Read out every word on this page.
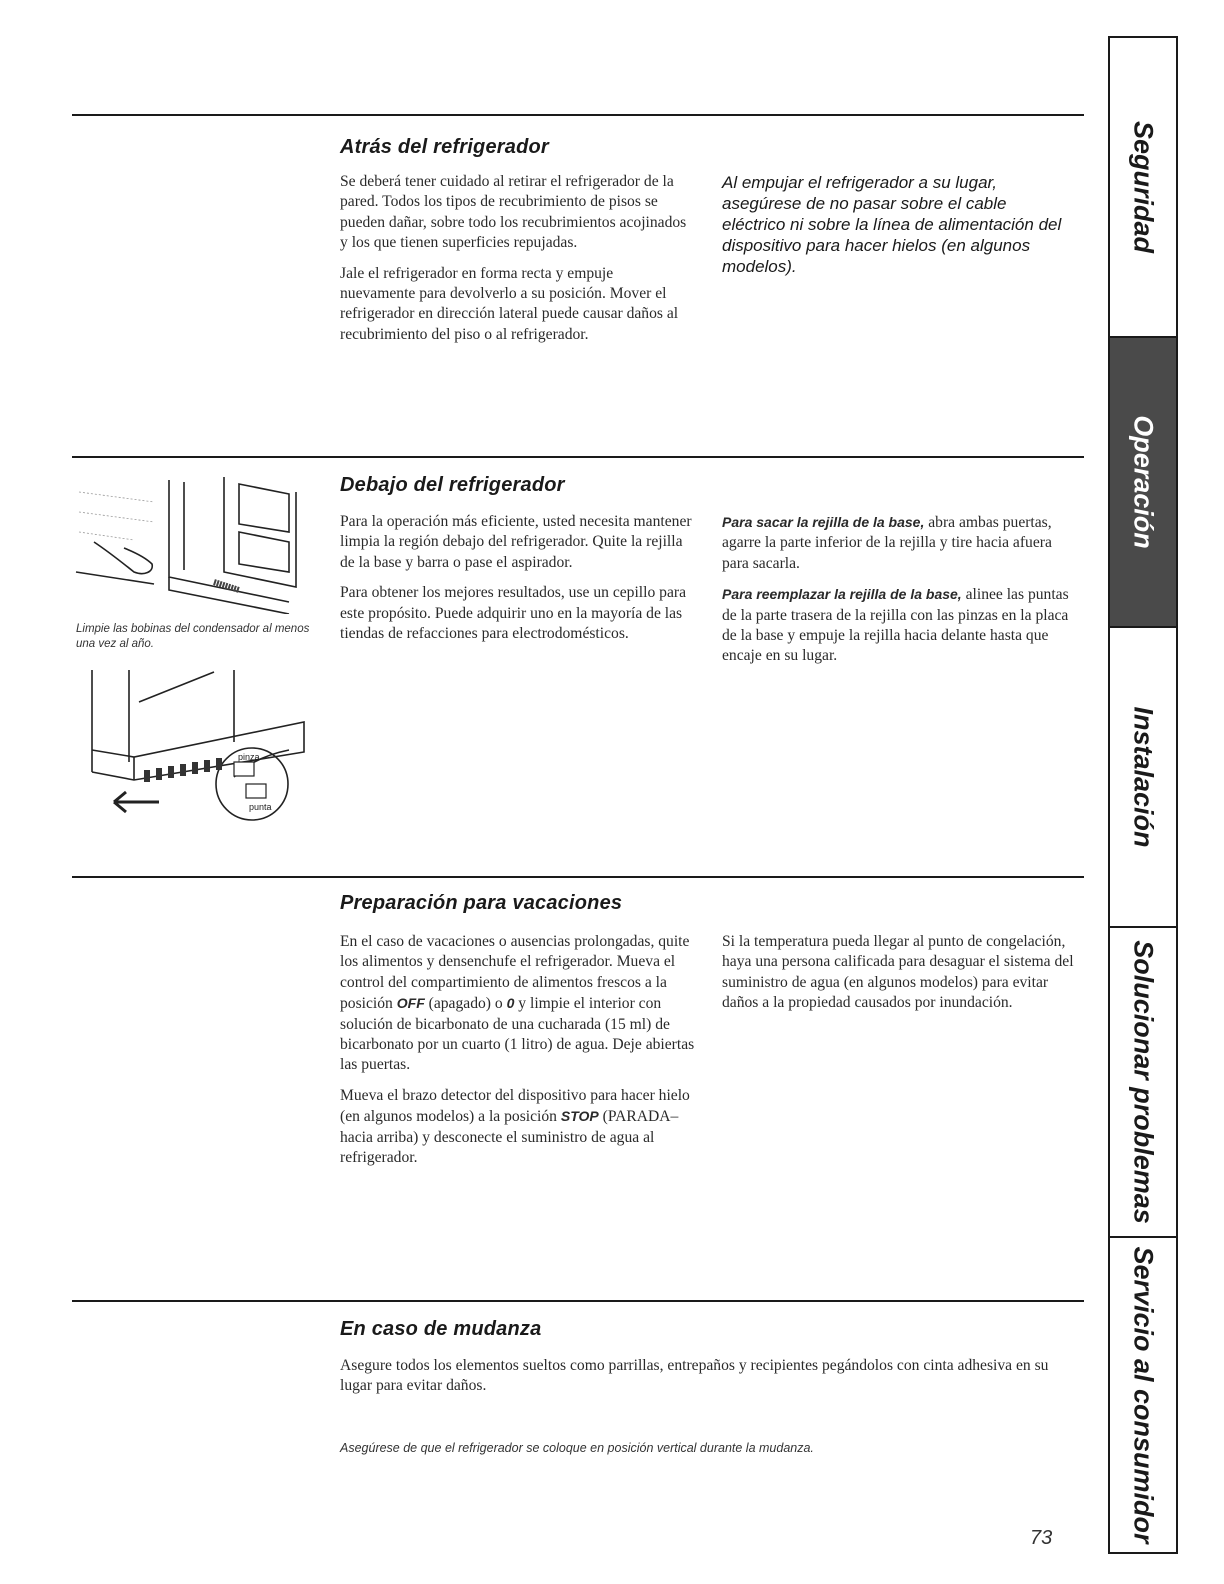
Atrás del refrigerador

Se deberá tener cuidado al retirar el refrigerador de la pared. Todos los tipos de recubrimiento de pisos se pueden dañar, sobre todo los recubrimientos acojinados y los que tienen superficies repujadas.

Jale el refrigerador en forma recta y empuje nuevamente para devolverlo a su posición. Mover el refrigerador en dirección lateral puede causar daños al recubrimiento del piso o al refrigerador.

Al empujar el refrigerador a su lugar, asegúrese de no pasar sobre el cable eléctrico ni sobre la línea de alimentación del dispositivo para hacer hielos (en algunos modelos).
Debajo del refrigerador
Limpie las bobinas del condensador al menos una vez al año.
pinza
punta

Para la operación más eficiente, usted necesita mantener limpia la región debajo del refrigerador. Quite la rejilla de la base y barra o pase el aspirador.

Para obtener los mejores resultados, use un cepillo para este propósito. Puede adquirir uno en la mayoría de las tiendas de refacciones para electrodomésticos.

Para sacar la rejilla de la base, abra ambas puertas, agarre la parte inferior de la rejilla y tire hacia afuera para sacarla.

Para reemplazar la rejilla de la base, alinee las puntas de la parte trasera de la rejilla con las pinzas en la placa de la base y empuje la rejilla hacia delante hasta que encaje en su lugar.

Preparación para vacaciones

En el caso de vacaciones o ausencias prolongadas, quite los alimentos y densenchufe el refrigerador. Mueva el control del compartimiento de alimentos frescos a la posición OFF (apagado) o 0 y limpie el interior con solución de bicarbonato de una cucharada (15 ml) de bicarbonato por un cuarto (1 litro) de agua. Deje abiertas las puertas.

Mueva el brazo detector del dispositivo para hacer hielo (en algunos modelos) a la posición STOP (PARADA–hacia arriba) y desconecte el suministro de agua al refrigerador.

Si la temperatura pueda llegar al punto de congelación, haya una persona calificada para desaguar el sistema del suministro de agua (en algunos modelos) para evitar daños a la propiedad causados por inundación.

En caso de mudanza

Asegure todos los elementos sueltos como parrillas, entrepaños y recipientes pegándolos con cinta adhesiva en su lugar para evitar daños.

Asegúrese de que el refrigerador se coloque en posición vertical durante la mudanza.
73
Seguridad
Operación
Instalación
Solucionar problemas
Servicio al consumidor
